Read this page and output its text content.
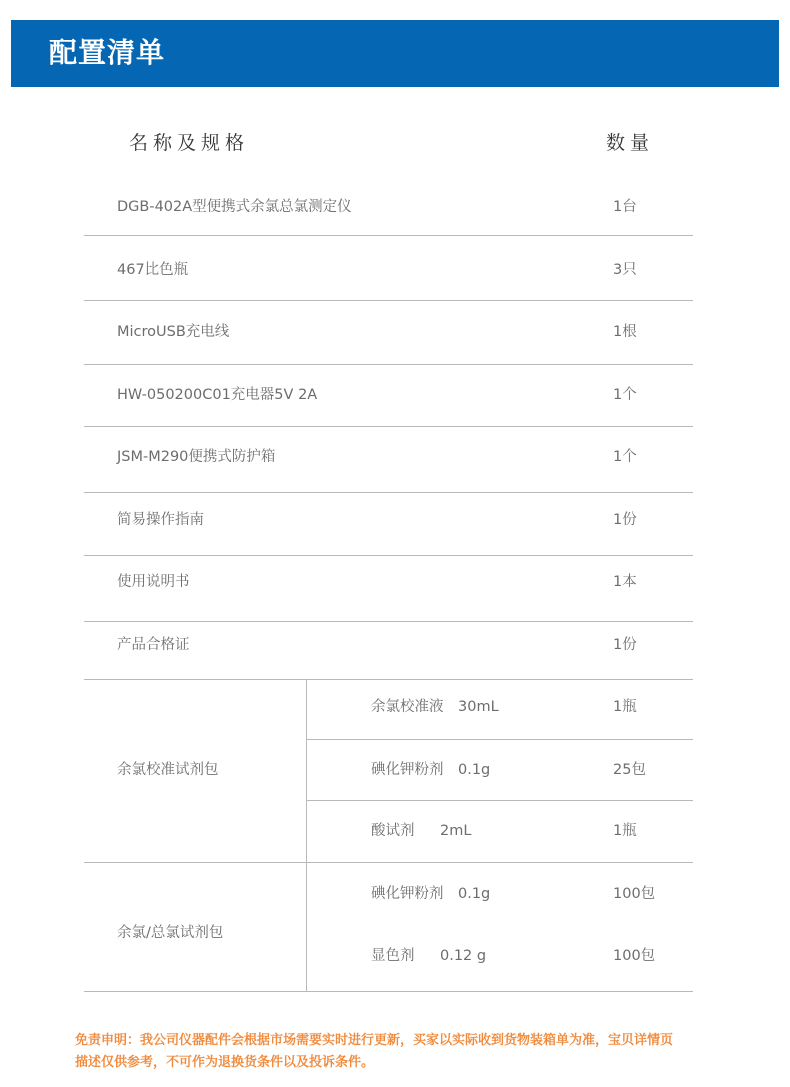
配置清单
名称及规格	数量
DGB-402A型便携式余氯总氯测定仪	1台
467比色瓶	3只
MicroUSB充电线	1根
HW-050200C01充电器5V 2A	1个
JSM-M290便携式防护箱	1个
简易操作指南	1份
使用说明书	1本
产品合格证	1份
余氯校准试剂包
余氯校准液 30mL	1瓶
碘化钾粉剂 0.1g	25包
酸试剂 2mL	1瓶
余氯/总氯试剂包
碘化钾粉剂 0.1g	100包
显色剂 0.12 g	100包
免责申明：我公司仪器配件会根据市场需要实时进行更新，买家以实际收到货物装箱单为准，宝贝详情页
描述仅供参考，不可作为退换货条件以及投诉条件。
